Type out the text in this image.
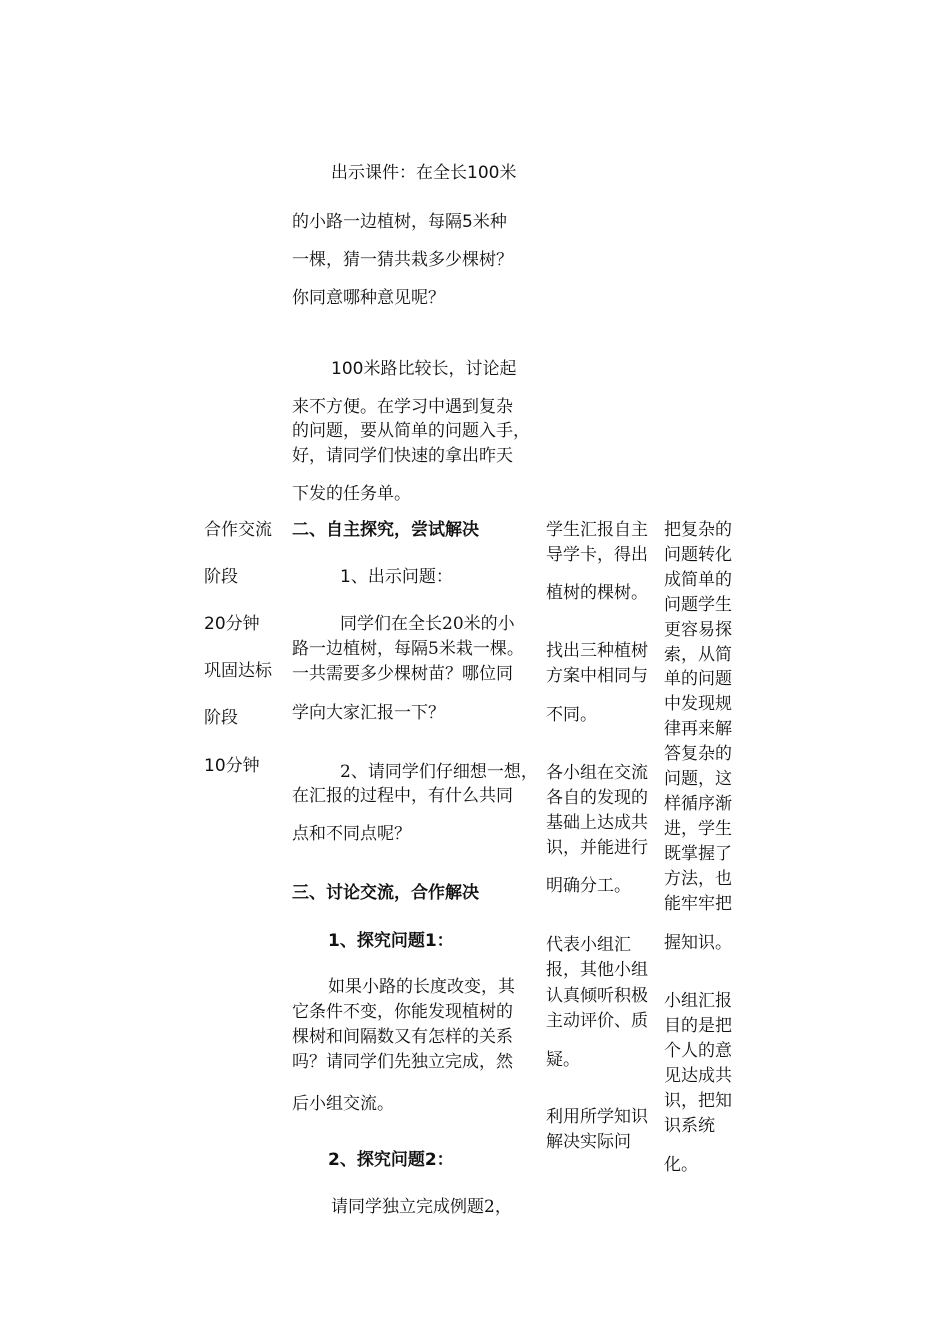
出示课件：在全长100米
的小路一边植树，每隔5米种
一棵，猜一猜共栽多少棵树？
你同意哪种意见呢？
100米路比较长，讨论起
来不方便。在学习中遇到复杂
的问题，要从简单的问题入手，
好，请同学们快速的拿出昨天
下发的任务单。
合作交流
阶段
20分钟
巩固达标
阶段
10分钟
二、自主探究，尝试解决
1、出示问题：
同学们在全长20米的小
路一边植树，每隔5米栽一棵。
一共需要多少棵树苗？哪位同
学向大家汇报一下？
2、请同学们仔细想一想，
在汇报的过程中，有什么共同
点和不同点呢？
三、讨论交流，合作解决
1、探究问题1：
如果小路的长度改变，其
它条件不变，你能发现植树的
棵树和间隔数又有怎样的关系
吗？请同学们先独立完成，然
后小组交流。
2、探究问题2：
请同学独立完成例题2，
学生汇报自主
导学卡，得出
植树的棵树。
找出三种植树
方案中相同与
不同。
各小组在交流
各自的发现的
基础上达成共
识，并能进行
明确分工。
代表小组汇
报，其他小组
认真倾听积极
主动评价、质
疑。
利用所学知识
解决实际问
把复杂的
问题转化
成简单的
问题学生
更容易探
索，从简
单的问题
中发现规
律再来解
答复杂的
问题，这
样循序渐
进，学生
既掌握了
方法，也
能牢牢把
握知识。
小组汇报
目的是把
个人的意
见达成共
识，把知
识系统
化。
